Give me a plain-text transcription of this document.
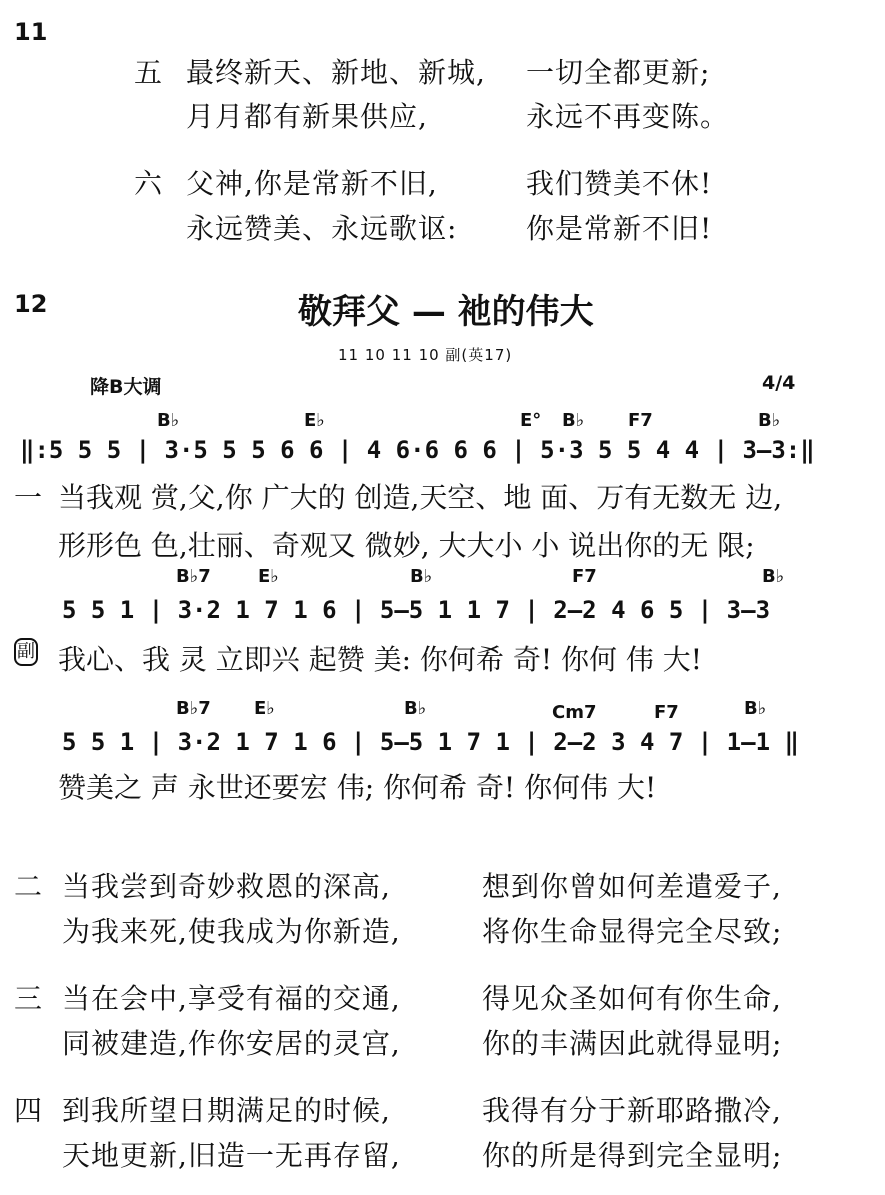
11
五 最终新天、新地、新城, 一切全都更新;
月月都有新果供应,	永远不再变陈。
六 父神,你是常新不旧,	我们赞美不休!
永远赞美、永远歌讴: 你是常新不旧!
12	敬拜父 — 祂的伟大
11 10 11 10 副(英17)
降B大调	4/4
B♭	E♭	E° B♭ F7	B♭
‖:5 5 5 | 3·5 5 5 6 6 | 4 6·6 6 6 | 5·3 5 5 4 4 | 3—3:‖
一 当我观 赏,父,你 广大的 创造,天空、地 面、万有无数无 边,
形形色 色,壮丽、奇观又 微妙, 大大小 小 说出你的无 限;
B♭7	E♭	B♭	F7	B♭
5 5 1 | 3·2 1 7 1 6 | 5—5 1 1 7 | 2—2 4 6 5 | 3—3
副 我心、我 灵 立即兴 起赞 美: 你何希 奇! 你何 伟 大!
B♭7 E♭	B♭	Cm7	F7	B♭
5 5 1 | 3·2 1 7 1 6 | 5—5 1 7 1 | 2—2 3 4 7 | 1—1 ‖
赞美之 声 永世还要宏 伟; 你何希 奇! 你何伟 大!
二 当我尝到奇妙救恩的深高,	想到你曾如何差遣爱子,
为我来死,使我成为你新造,	将你生命显得完全尽致;
三 当在会中,享受有福的交通,	得见众圣如何有你生命,
同被建造,作你安居的灵宫,	你的丰满因此就得显明;
四 到我所望日期满足的时候,	我得有分于新耶路撒冷,
天地更新,旧造一无再存留,	你的所是得到完全显明;
